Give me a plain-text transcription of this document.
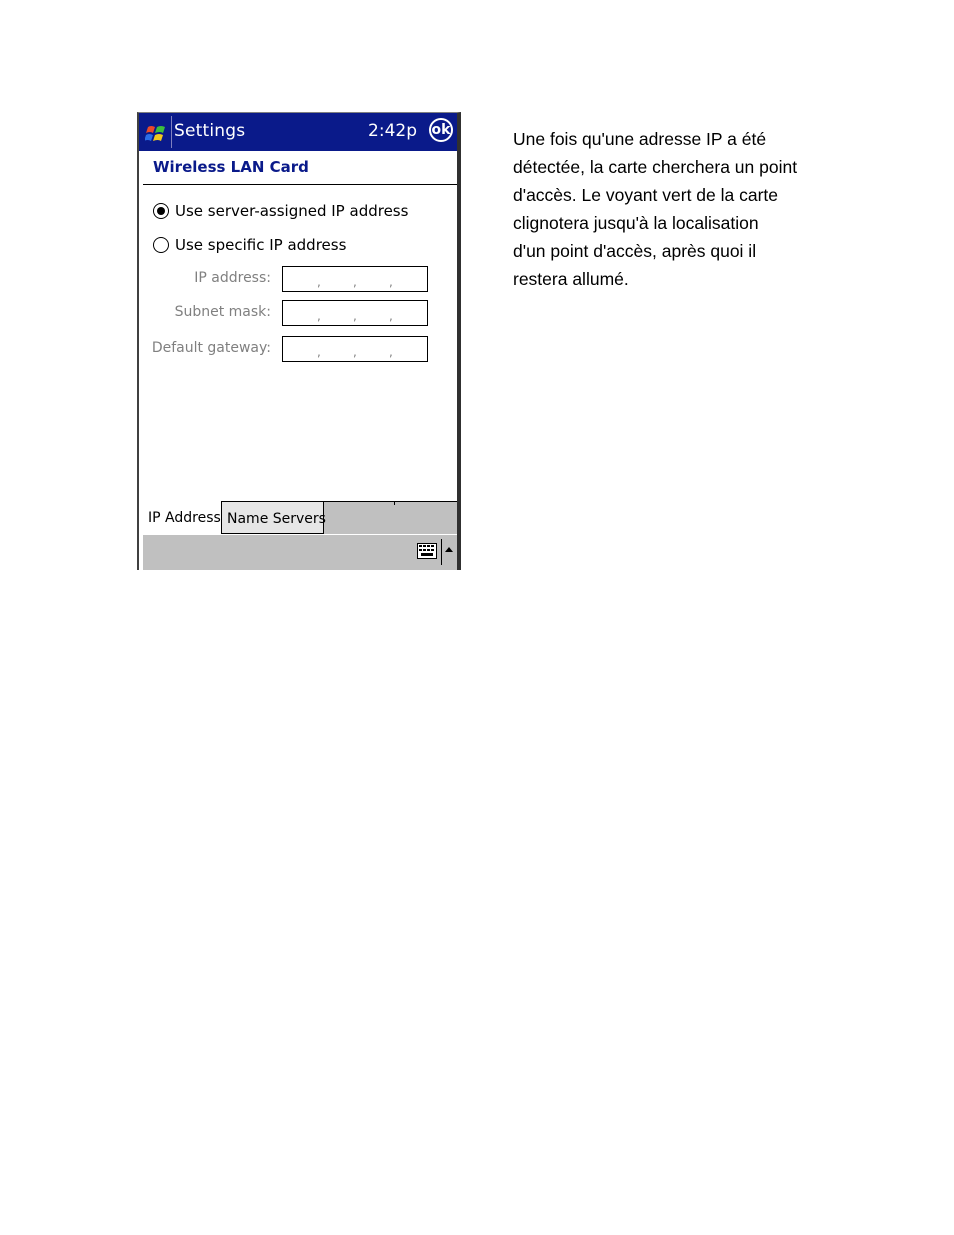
Settings	2:42p ok
Wireless LAN Card
Use server-assigned IP address
Use specific IP address
IP address:	,	,	,
Subnet mask:	,	,	,
Default gateway:	,	,	,
IP Address Name Servers
Une fois qu'une adresse IP a été
détectée, la carte cherchera un point
d'accès. Le voyant vert de la carte
clignotera jusqu'à la localisation
d'un point d'accès, après quoi il
restera allumé.
